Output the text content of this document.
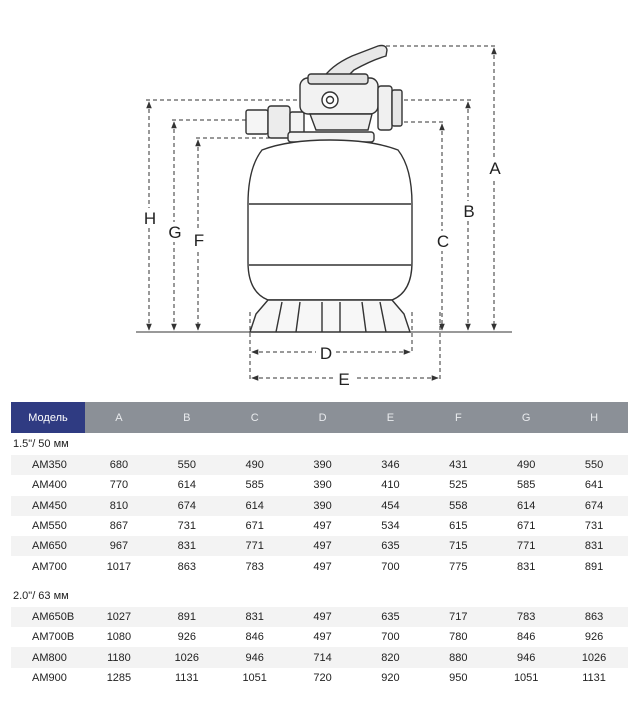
H
G F	C
B
A
D
E
Модель	A	B	C	D	E	F	G	H
1.5"/ 50 мм								
AM350	680	550	490	390	346	431	490	550
AM400	770	614	585	390	410	525	585	641
AM450	810	674	614	390	454	558	614	674
AM550	867	731	671	497	534	615	671	731
AM650	967	831	771	497	635	715	771	831
AM700	1017	863	783	497	700	775	831	891

2.0"/ 63 мм								
AM650B	1027	891	831	497	635	717	783	863
AM700B	1080	926	846	497	700	780	846	926
AM800	1180	1026	946	714	820	880	946	1026
AM900	1285	1131	1051	720	920	950	1051	1131
